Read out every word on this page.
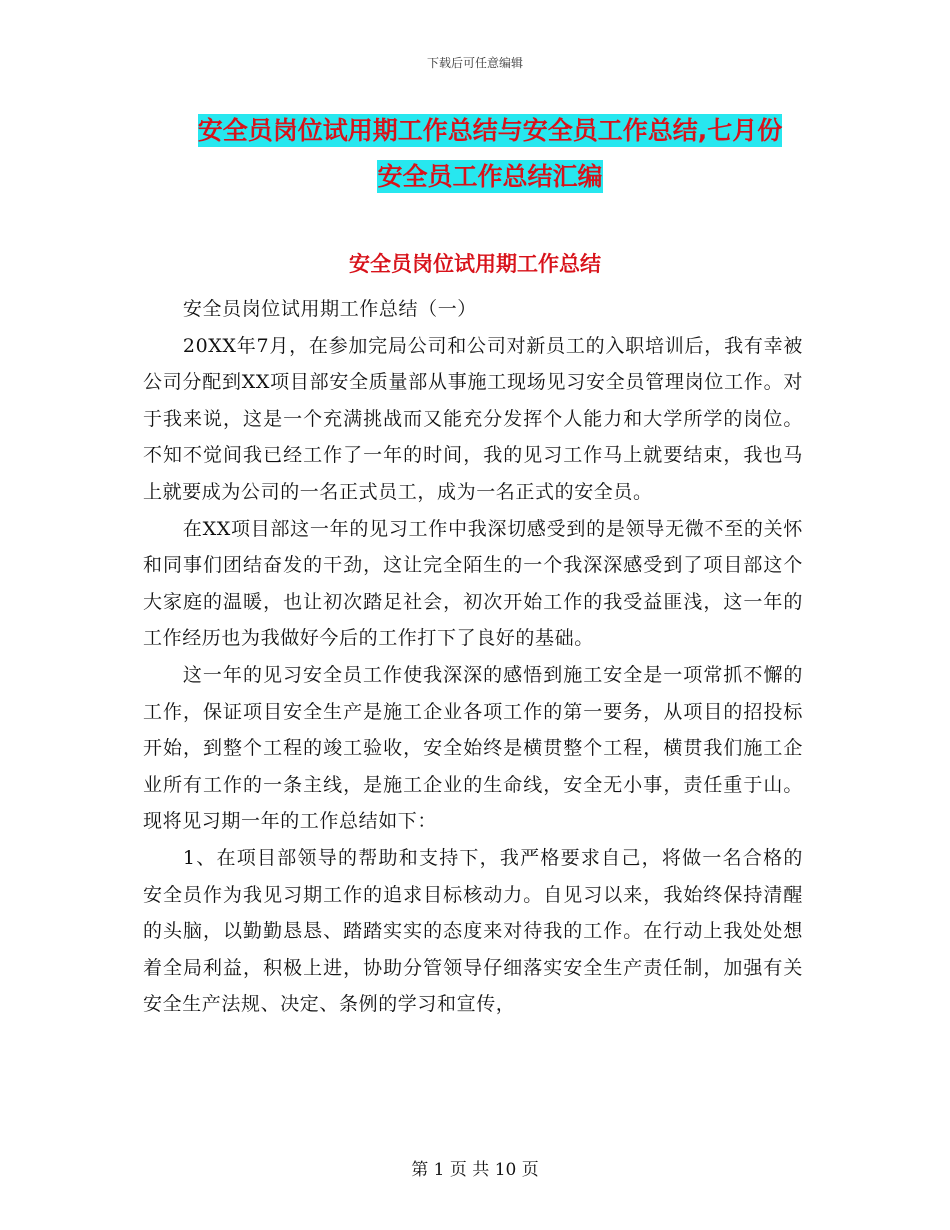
下载后可任意编辑
安全员岗位试用期工作总结与安全员工作总结,七月份
安全员工作总结汇编
安全员岗位试用期工作总结

安全员岗位试用期工作总结（一）

20XX年7月，在参加完局公司和公司对新员工的入职培训后，我有幸被公司分配到XX项目部安全质量部从事施工现场见习安全员管理岗位工作。对于我来说，这是一个充满挑战而又能充分发挥个人能力和大学所学的岗位。不知不觉间我已经工作了一年的时间，我的见习工作马上就要结束，我也马上就要成为公司的一名正式员工，成为一名正式的安全员。

在XX项目部这一年的见习工作中我深切感受到的是领导无微不至的关怀和同事们团结奋发的干劲，这让完全陌生的一个我深深感受到了项目部这个大家庭的温暖，也让初次踏足社会，初次开始工作的我受益匪浅，这一年的工作经历也为我做好今后的工作打下了良好的基础。

这一年的见习安全员工作使我深深的感悟到施工安全是一项常抓不懈的工作，保证项目安全生产是施工企业各项工作的第一要务，从项目的招投标开始，到整个工程的竣工验收，安全始终是横贯整个工程，横贯我们施工企业所有工作的一条主线，是施工企业的生命线，安全无小事，责任重于山。现将见习期一年的工作总结如下：

1、在项目部领导的帮助和支持下，我严格要求自己，将做一名合格的安全员作为我见习期工作的追求目标核动力。自见习以来，我始终保持清醒的头脑，以勤勤恳恳、踏踏实实的态度来对待我的工作。在行动上我处处想着全局利益，积极上进，协助分管领导仔细落实安全生产责任制，加强有关安全生产法规、决定、条例的学习和宣传，

第 1 页 共 10 页
